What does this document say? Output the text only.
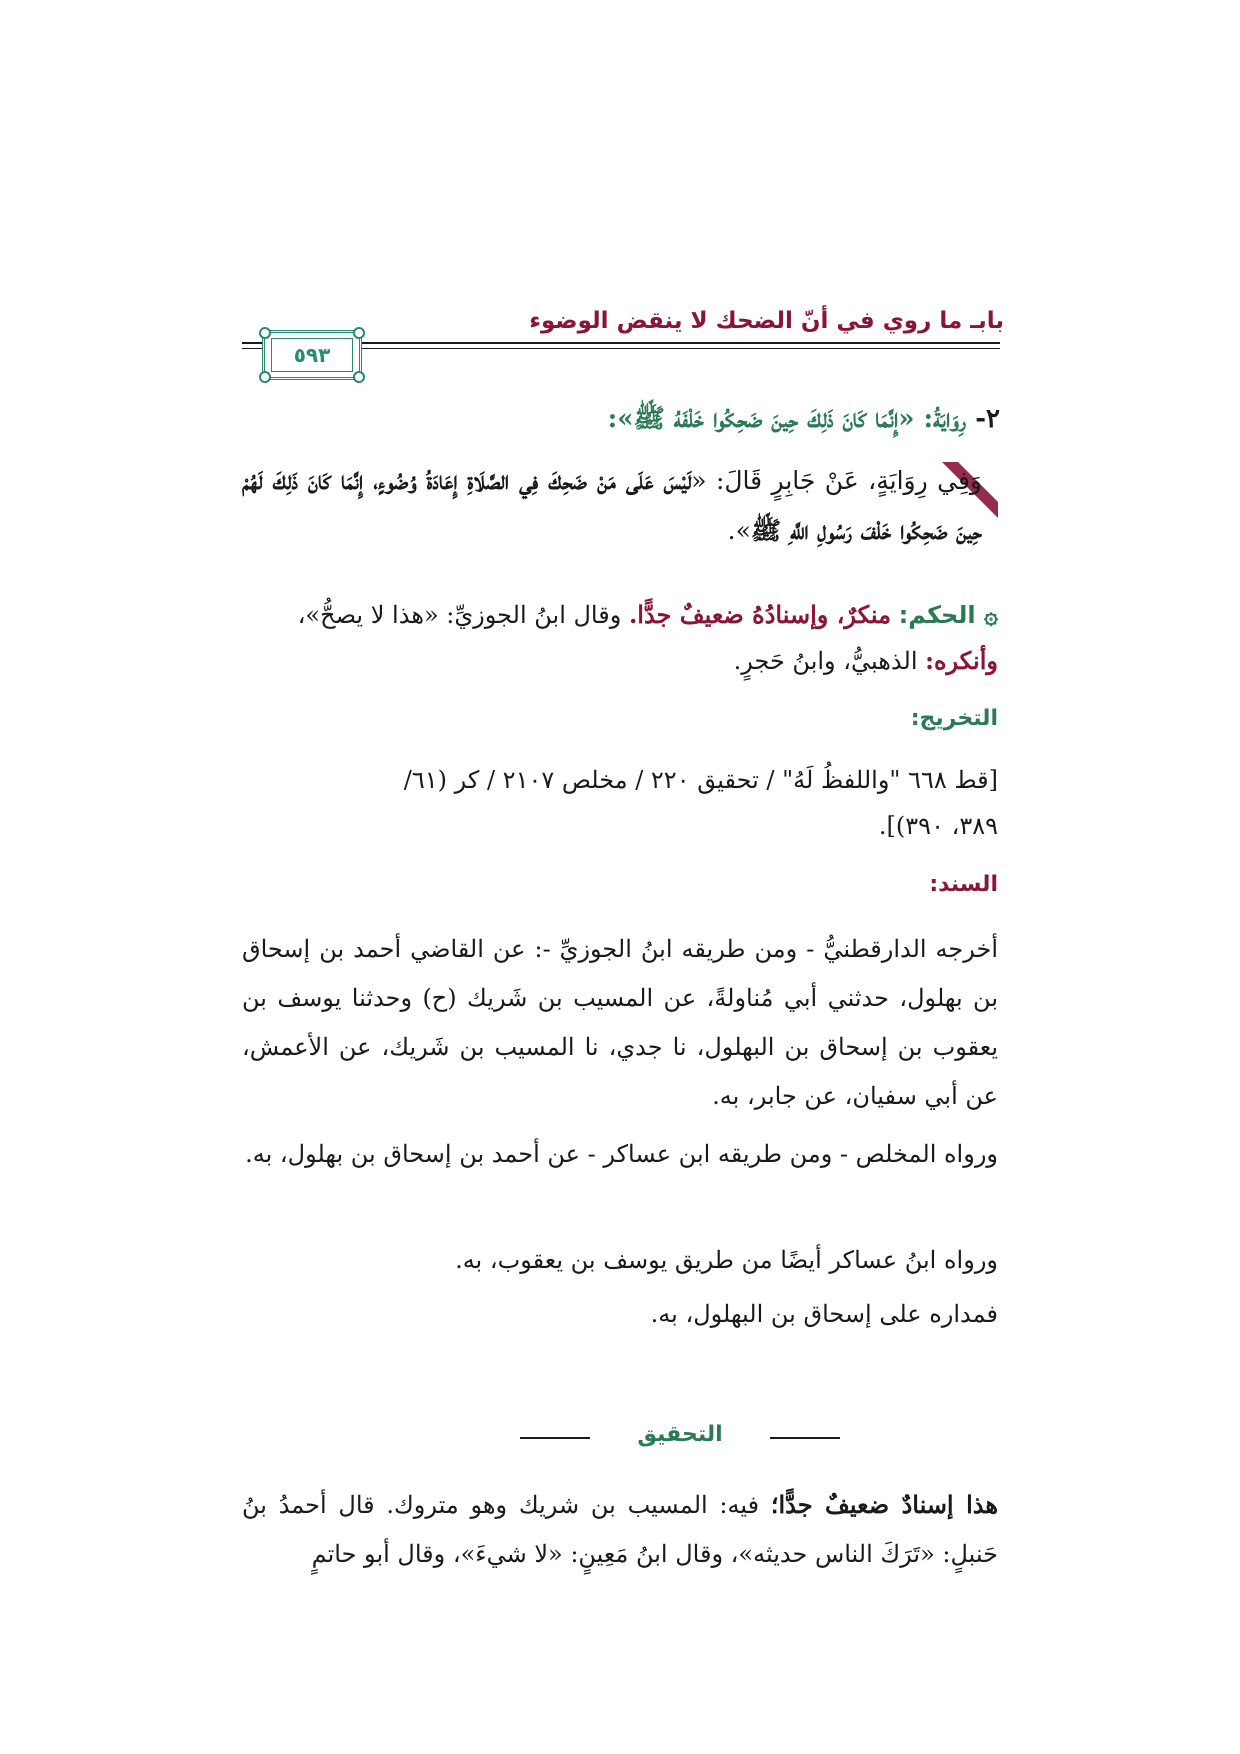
بابـ ما روي في أنّ الضحك لا ينقض الوضوء
٥٩٣
٢- رِوَايَةُ: «إِنَّمَا كَانَ ذَلِكَ حِينَ ضَحِكُوا خَلْفَهُ ﷺ»:
وَفِي رِوَايَةٍ، عَنْ جَابِرٍ قَالَ: «لَيْسَ عَلَى مَنْ ضَحِكَ فِي الصَّلَاةِ إِعَادَةُ وُضُوءٍ، إِنَّمَا كَانَ ذَلِكَ لَهُمْ حِينَ ضَحِكُوا خَلْفَ رَسُولِ اللَّهِ ﷺ».
۞ الحكم: منكرٌ، وإسنادُهُ ضعيفٌ جدًّا. وقال ابنُ الجوزيِّ: «هذا لا يصحُّ»،
وأنكره: الذهبيُّ، وابنُ حَجرٍ.
التخريج:
[قط ٦٦٨ "واللفظُ لَهُ" / تحقيق ٢٢٠ / مخلص ٢١٠٧ / كر (٦١/
٣٨٩، ٣٩٠)].
السند:
أخرجه الدارقطنيُّ - ومن طريقه ابنُ الجوزيِّ -: عن القاضي أحمد بن إسحاق بن بهلول، حدثني أبي مُناولةً، عن المسيب بن شَريك (ح) وحدثنا يوسف بن يعقوب بن إسحاق بن البهلول، نا جدي، نا المسيب بن شَريك، عن الأعمش، عن أبي سفيان، عن جابر، به.
ورواه المخلص - ومن طريقه ابن عساكر - عن أحمد بن إسحاق بن بهلول، به.
ورواه ابنُ عساكر أيضًا من طريق يوسف بن يعقوب، به.
فمداره على إسحاق بن البهلول، به.
التحقيق
هذا إسنادٌ ضعيفٌ جدًّا؛ فيه: المسيب بن شريك وهو متروك. قال أحمدُ بنُ حَنبلٍ: «تَرَكَ الناس حديثه»، وقال ابنُ مَعِينٍ: «لا شيءَ»، وقال أبو حاتمٍ
